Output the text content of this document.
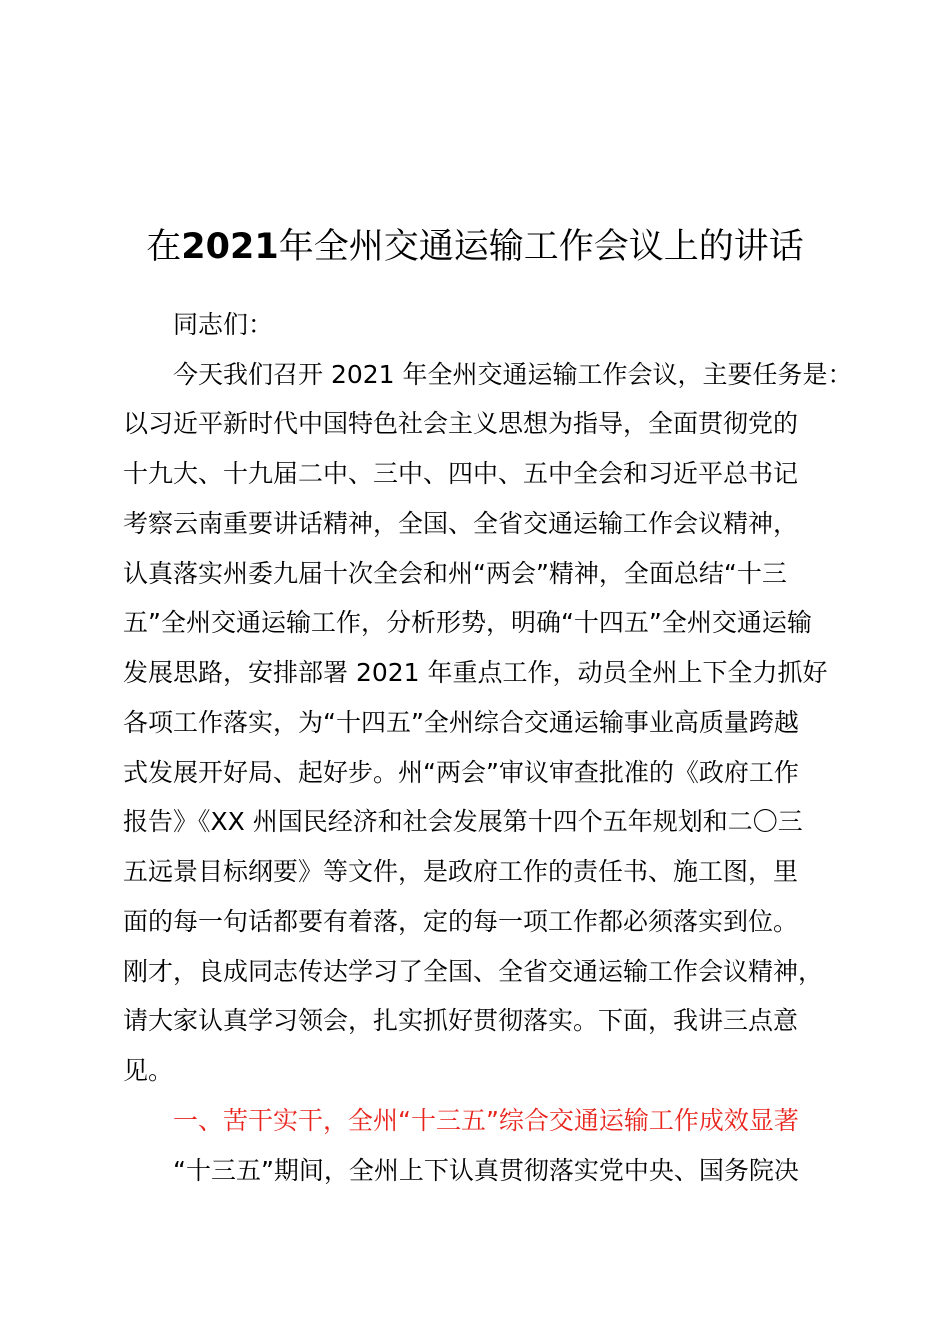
在2021年全州交通运输工作会议上的讲话
同志们：
今天我们召开 2021 年全州交通运输工作会议，主要任务是：
以习近平新时代中国特色社会主义思想为指导，全面贯彻党的
十九大、十九届二中、三中、四中、五中全会和习近平总书记
考察云南重要讲话精神，全国、全省交通运输工作会议精神，
认真落实州委九届十次全会和州“两会”精神，全面总结“十三
五”全州交通运输工作，分析形势，明确“十四五”全州交通运输
发展思路，安排部署 2021 年重点工作，动员全州上下全力抓好
各项工作落实，为“十四五”全州综合交通运输事业高质量跨越
式发展开好局、起好步。州“两会”审议审查批准的《政府工作
报告》《XX 州国民经济和社会发展第十四个五年规划和二〇三
五远景目标纲要》等文件，是政府工作的责任书、施工图，里
面的每一句话都要有着落，定的每一项工作都必须落实到位。
刚才，良成同志传达学习了全国、全省交通运输工作会议精神，
请大家认真学习领会，扎实抓好贯彻落实。下面，我讲三点意
见。
一、苦干实干，全州“十三五”综合交通运输工作成效显著
“十三五”期间，全州上下认真贯彻落实党中央、国务院决
